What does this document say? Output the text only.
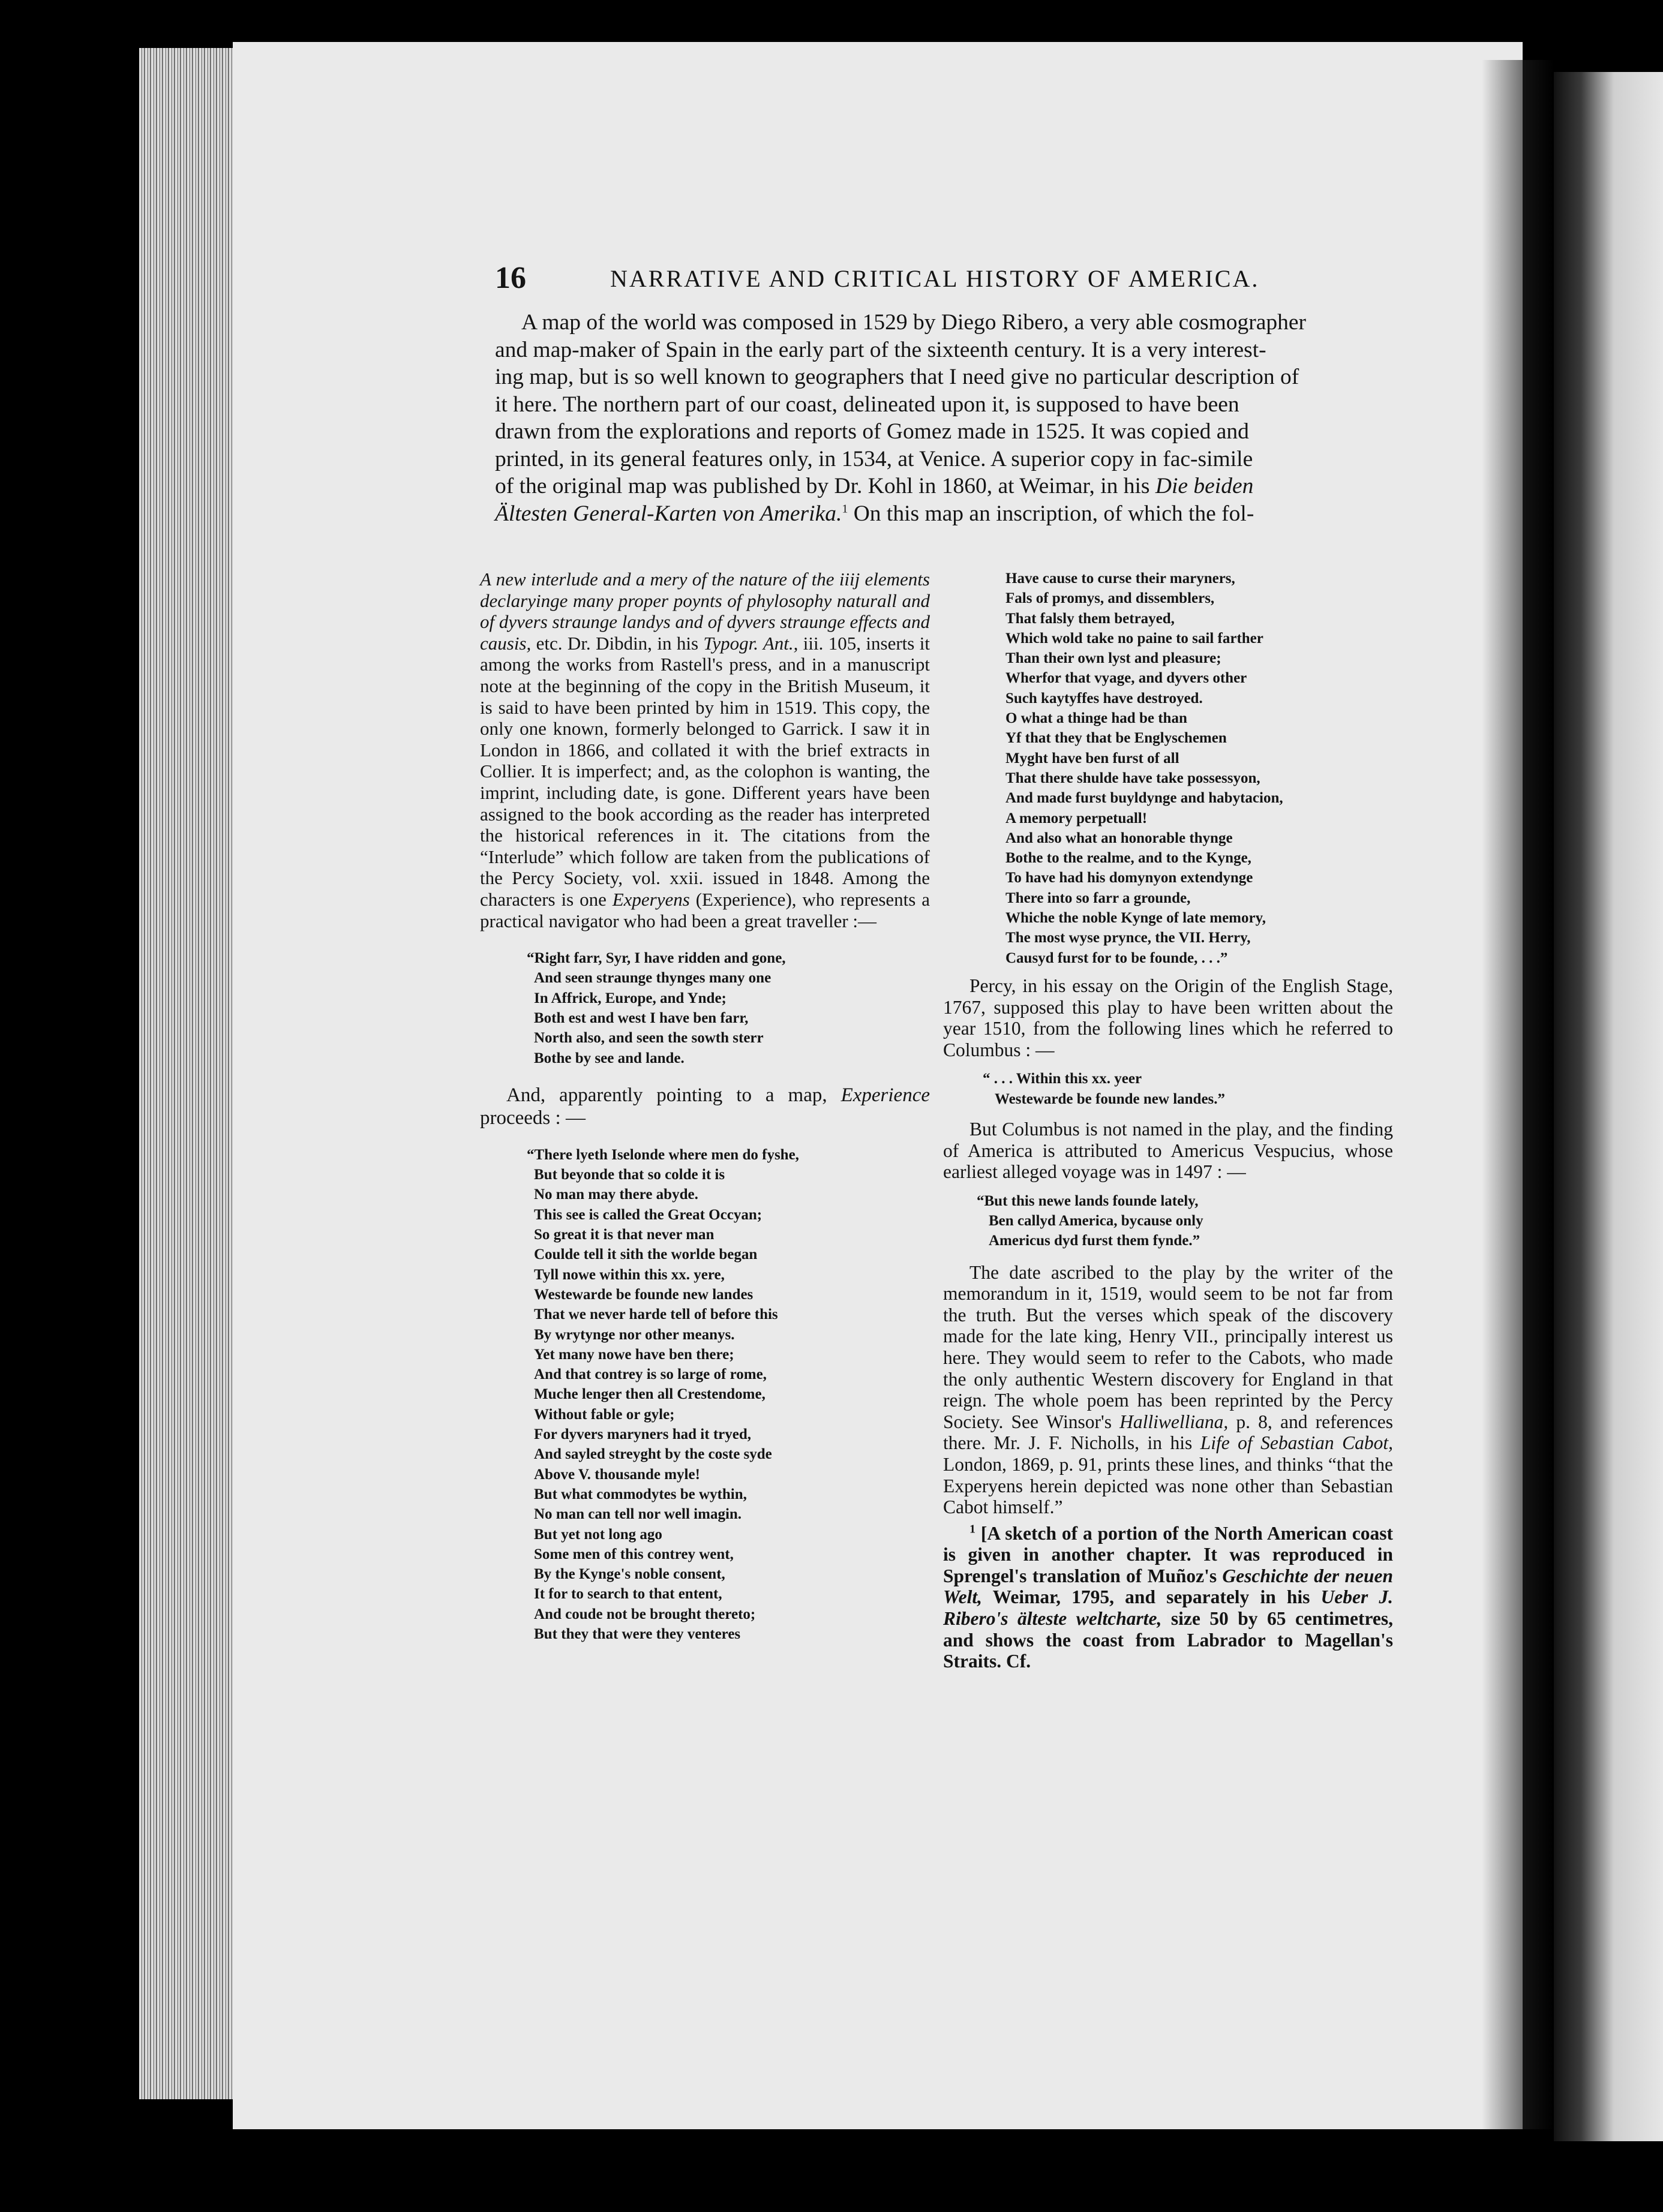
16	NARRATIVE AND CRITICAL HISTORY OF AMERICA.
A map of the world was composed in 1529 by Diego Ribero, a very able cosmographer
and map-maker of Spain in the early part of the sixteenth century. It is a very interest-
ing map, but is so well known to geographers that I need give no particular description of
it here. The northern part of our coast, delineated upon it, is supposed to have been
drawn from the explorations and reports of Gomez made in 1525. It was copied and
printed, in its general features only, in 1534, at Venice. A superior copy in fac-simile
of the original map was published by Dr. Kohl in 1860, at Weimar, in his Die beiden
Ältesten General-Karten von Amerika.$^1$ On this map an inscription, of which the fol-

A new interlude and a mery of the nature of the iiij elements declaryinge many proper poynts of phylosophy naturall and of dyvers straunge landys and of dyvers straunge effects and causis, etc. Dr. Dibdin, in his Typogr. Ant., iii. 105, inserts it among the works from Rastell's press, and in a manuscript note at the beginning of the copy in the British Museum, it is said to have been printed by him in 1519. This copy, the only one known, formerly belonged to Garrick. I saw it in London in 1866, and collated it with the brief extracts in Collier. It is imperfect; and, as the colophon is wanting, the imprint, including date, is gone. Different years have been assigned to the book according as the reader has interpreted the historical references in it. The citations from the “Interlude” which follow are taken from the publications of the Percy Society, vol. xxii. issued in 1848. Among the characters is one Experyens (Experience), who represents a practical navigator who had been a great traveller :—

“Right farr, Syr, I have ridden and gone,
And seen straunge thynges many one
In Affrick, Europe, and Ynde;
Both est and west I have ben farr,
North also, and seen the sowth sterr
Bothe by see and lande.

And, apparently pointing to a map, Experience proceeds : —

“There lyeth Iselonde where men do fyshe,
But beyonde that so colde it is
No man may there abyde.
This see is called the Great Occyan;
So great it is that never man
Coulde tell it sith the worlde began
Tyll nowe within this xx. yere,
Westewarde be founde new landes
That we never harde tell of before this
By wrytynge nor other meanys.
Yet many nowe have ben there;
And that contrey is so large of rome,
Muche lenger then all Crestendome,
Without fable or gyle;
For dyvers maryners had it tryed,
And sayled streyght by the coste syde
Above V. thousande myle!
But what commodytes be wythin,
No man can tell nor well imagin.
But yet not long ago
Some men of this contrey went,
By the Kynge's noble consent,
It for to search to that entent,
And coude not be brought thereto;
But they that were they venteres
Have cause to curse their maryners,
Fals of promys, and dissemblers,
That falsly them betrayed,
Which wold take no paine to sail farther
Than their own lyst and pleasure;
Wherfor that vyage, and dyvers other
Such kaytyffes have destroyed.
O what a thinge had be than
Yf that they that be Englyschemen
Myght have ben furst of all
That there shulde have take possessyon,
And made furst buyldynge and habytacion,
A memory perpetuall!
And also what an honorable thynge
Bothe to the realme, and to the Kynge,
To have had his domynyon extendynge
There into so farr a grounde,
Whiche the noble Kynge of late memory,
The most wyse prynce, the VII. Herry,
Causyd furst for to be founde, . . .”

Percy, in his essay on the Origin of the English Stage, 1767, supposed this play to have been written about the year 1510, from the following lines which he referred to Columbus : —

“ . . . Within this xx. yeer
Westewarde be founde new landes.”

But Columbus is not named in the play, and the finding of America is attributed to Americus Vespucius, whose earliest alleged voyage was in 1497 : —

“But this newe lands founde lately,
Ben callyd America, bycause only
Americus dyd furst them fynde.”

The date ascribed to the play by the writer of the memorandum in it, 1519, would seem to be not far from the truth. But the verses which speak of the discovery made for the late king, Henry VII., principally interest us here. They would seem to refer to the Cabots, who made the only authentic Western discovery for England in that reign. The whole poem has been reprinted by the Percy Society. See Winsor's Halliwelliana, p. 8, and references there. Mr. J. F. Nicholls, in his Life of Sebastian Cabot, London, 1869, p. 91, prints these lines, and thinks “that the Experyens herein depicted was none other than Sebastian Cabot himself.”

$^1$ [A sketch of a portion of the North American coast is given in another chapter. It was reproduced in Sprengel's translation of Muñoz's Geschichte der neuen Welt, Weimar, 1795, and separately in his Ueber J. Ribero's älteste weltcharte, size 50 by 65 centimetres, and shows the coast from Labrador to Magellan's Straits. Cf.
